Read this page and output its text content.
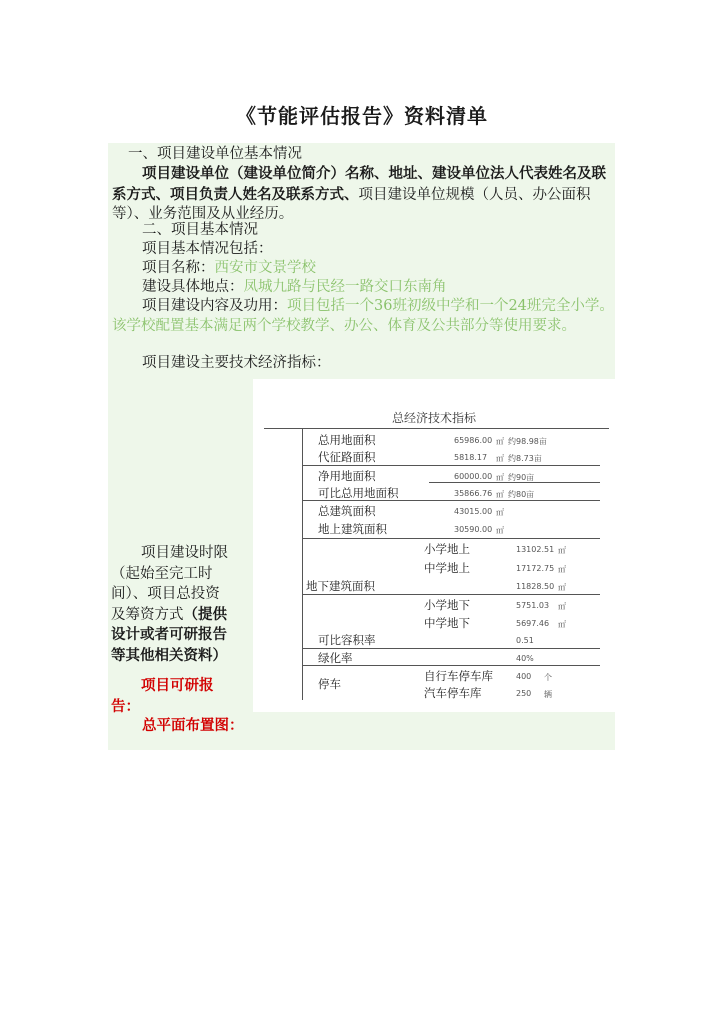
《节能评估报告》资料清单
一、项目建设单位基本情况

项目建设单位（建设单位简介）名称、地址、建设单位法人代表姓名及联系方式、项目负责人姓名及联系方式、项目建设单位规模（人员、办公面积等）、业务范围及从业经历。

二、项目基本情况
项目基本情况包括：
项目名称：西安市文景学校
建设具体地点：凤城九路与民经一路交口东南角

项目建设内容及功用：项目包括一个36班初级中学和一个24班完全小学。该学校配置基本满足两个学校教学、办公、体育及公共部分等使用要求。

项目建设主要技术经济指标：

项目建设时限（起始至完工时间）、项目总投资及筹资方式（提供设计或者可研报告等其他相关资料）

项目可研报告：

总平面布置图：
总经济技术指标
总用地面积	65986.00 ㎡ 约98.98亩
代征路面积	5818.17 ㎡ 约8.73亩
净用地面积	60000.00 ㎡ 约90亩
可比总用地面积	35866.76 ㎡ 约80亩
总建筑面积	43015.00 ㎡
地上建筑面积	30590.00 ㎡
小学地上	13102.51 ㎡
中学地上	17172.75 ㎡
地下建筑面积	11828.50 ㎡
小学地下	5751.03 ㎡
中学地下	5697.46 ㎡
可比容积率	0.51
绿化率	40%
停车
自行车停车库	400 个
汽车停车库	250 辆
